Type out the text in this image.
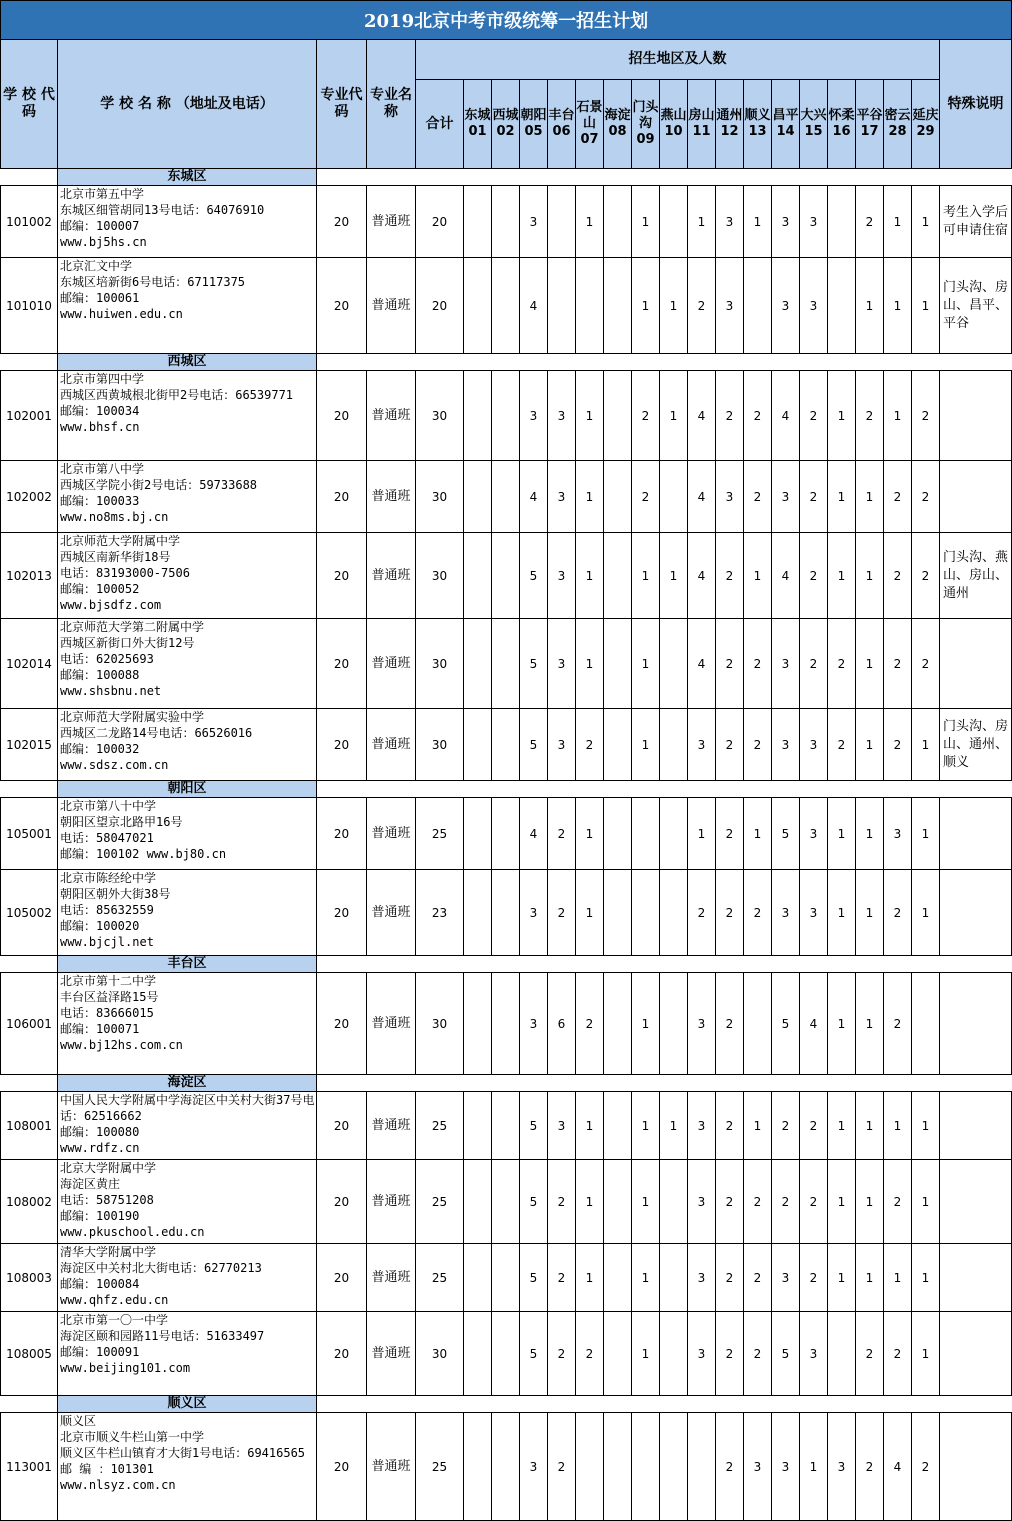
2019北京中考市级统筹一招生计划																						
学 校 代 码	学 校 名 称 （地址及电话）	专业代码	专业名称	招生地区及人数																		特殊说明
				合计	东城01	西城02	朝阳05	丰台06	石景山07	海淀08	门头沟09	燕山10	房山11	通州12	顺义13	昌平14	大兴15	怀柔16	平谷17	密云28	延庆29	
	东城区																					
101002	北京市第五中学
东城区细管胡同13号电话：64076910
邮编：100007
www.bj5hs.cn	20	普通班	20			3		1		1		1	3	1	3	3		2	1	1	考生入学后可申请住宿
101010	北京汇文中学
东城区培新街6号电话：67117375
邮编：100061
www.huiwen.edu.cn	20	普通班	20			4				1	1	2	3		3	3		1	1	1	门头沟、房山、昌平、平谷
	西城区																					
102001	北京市第四中学
西城区西黄城根北街甲2号电话：66539771
邮编：100034
www.bhsf.cn	20	普通班	30			3	3	1		2	1	4	2	2	4	2	1	2	1	2	
102002	北京市第八中学
西城区学院小街2号电话：59733688
邮编：100033
www.no8ms.bj.cn	20	普通班	30			4	3	1		2		4	3	2	3	2	1	1	2	2	
102013	北京师范大学附属中学
西城区南新华街18号
电话：83193000-7506
邮编：100052
www.bjsdfz.com	20	普通班	30			5	3	1		1	1	4	2	1	4	2	1	1	2	2	门头沟、燕山、房山、通州
102014	北京师范大学第二附属中学
西城区新街口外大街12号
电话：62025693
邮编：100088
www.shsbnu.net	20	普通班	30			5	3	1		1		4	2	2	3	2	2	1	2	2	
102015	北京师范大学附属实验中学
西城区二龙路14号电话：66526016
邮编：100032
www.sdsz.com.cn	20	普通班	30			5	3	2		1		3	2	2	3	3	2	1	2	1	门头沟、房山、通州、顺义
	朝阳区																					
105001	北京市第八十中学
朝阳区望京北路甲16号
电话：58047021
邮编：100102 www.bj80.cn	20	普通班	25			4	2	1				1	2	1	5	3	1	1	3	1	
105002	北京市陈经纶中学
朝阳区朝外大街38号
电话：85632559
邮编：100020
www.bjcjl.net	20	普通班	23			3	2	1				2	2	2	3	3	1	1	2	1	
	丰台区																					
106001	北京市第十二中学
丰台区益泽路15号
电话：83666015
邮编：100071
www.bj12hs.com.cn	20	普通班	30			3	6	2		1		3	2		5	4	1	1	2		
	海淀区																					
108001	中国人民大学附属中学海淀区中关村大街37号电话：62516662
邮编：100080
www.rdfz.cn	20	普通班	25			5	3	1		1	1	3	2	1	2	2	1	1	1	1	
108002	北京大学附属中学
海淀区黄庄
电话：58751208
邮编：100190
www.pkuschool.edu.cn	20	普通班	25			5	2	1		1		3	2	2	2	2	1	1	2	1	
108003	清华大学附属中学
海淀区中关村北大街电话：62770213
邮编：100084
www.qhfz.edu.cn	20	普通班	25			5	2	1		1		3	2	2	3	2	1	1	1	1	
108005	北京市第一〇一中学
海淀区颐和园路11号电话：51633497
邮编：100091
www.beijing101.com	20	普通班	30			5	2	2		1		3	2	2	5	3		2	2	1	
	顺义区																					
113001	顺义区
北京市顺义牛栏山第一中学
顺义区牛栏山镇育才大街1号电话：69416565
邮 编 ：101301
www.nlsyz.com.cn	20	普通班	25			3	2						2	3	3	1	3	2	4	2	
